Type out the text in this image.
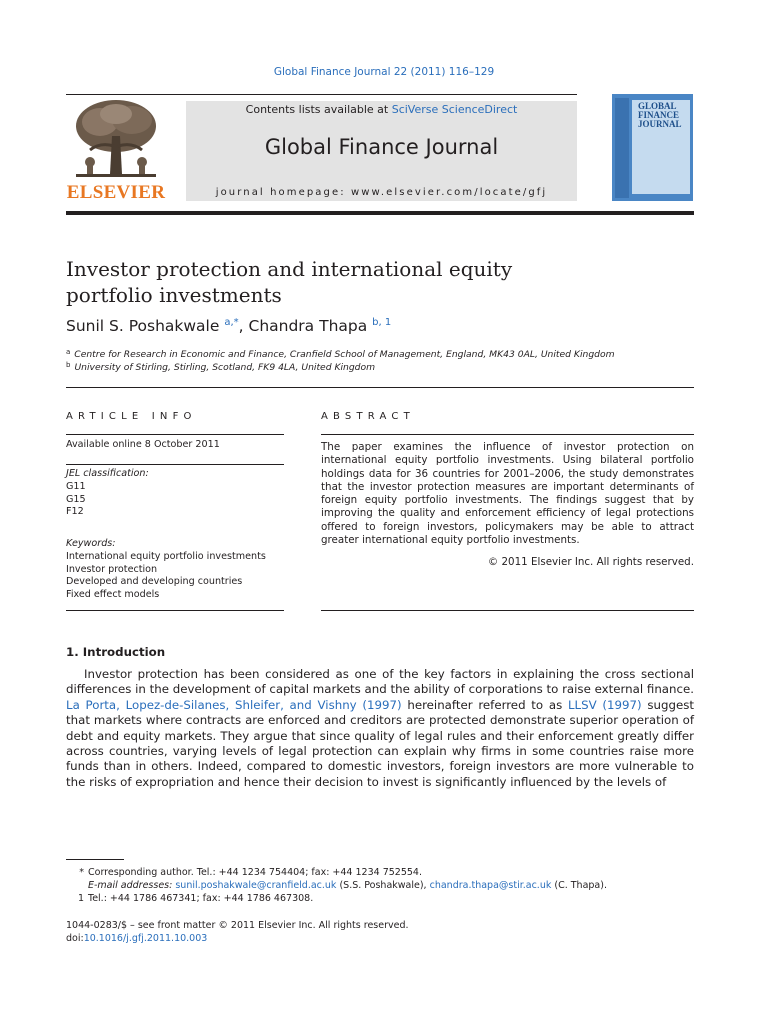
Global Finance Journal 22 (2011) 116–129
ELSEVIER
Contents lists available at SciVerse ScienceDirect
Global Finance Journal
journal homepage: www.elsevier.com/locate/gfj
GLOBAL
FINANCE
JOURNAL
Investor protection and international equity
portfolio investments
Sunil S. Poshakwale $^{a,*}$, Chandra Thapa $^{b, 1}$
$^a$ Centre for Research in Economic and Finance, Cranfield School of Management, England, MK43 0AL, United Kingdom
$^b$ University of Stirling, Stirling, Scotland, FK9 4LA, United Kingdom
ARTICLE INFO	ABSTRACT
Available online 8 October 2011
JEL classification:
G11
G15
F12
Keywords:
International equity portfolio investments
Investor protection
Developed and developing countries
Fixed effect models
The paper examines the influence of investor protection on international equity portfolio investments. Using bilateral portfolio holdings data for 36 countries for 2001–2006, the study demonstrates that the investor protection measures are important determinants of foreign equity portfolio investments. The findings suggest that by improving the quality and enforcement efficiency of legal protections offered to foreign investors, policymakers may be able to attract greater international equity portfolio investments.
© 2011 Elsevier Inc. All rights reserved.
1. Introduction
Investor protection has been considered as one of the key factors in explaining the cross sectional differences in the development of capital markets and the ability of corporations to raise external finance. La Porta, Lopez-de-Silanes, Shleifer, and Vishny (1997) hereinafter referred to as LLSV (1997) suggest that markets where contracts are enforced and creditors are protected demonstrate superior operation of debt and equity markets. They argue that since quality of legal rules and their enforcement greatly differ across countries, varying levels of legal protection can explain why firms in some countries raise more funds than in others. Indeed, compared to domestic investors, foreign investors are more vulnerable to the risks of expropriation and hence their decision to invest is significantly influenced by the levels of
* Corresponding author. Tel.: +44 1234 754404; fax: +44 1234 752554.
E-mail addresses: sunil.poshakwale@cranfield.ac.uk (S.S. Poshakwale), chandra.thapa@stir.ac.uk (C. Thapa).
1 Tel.: +44 1786 467341; fax: +44 1786 467308.
1044-0283/$ – see front matter © 2011 Elsevier Inc. All rights reserved.
doi:10.1016/j.gfj.2011.10.003
